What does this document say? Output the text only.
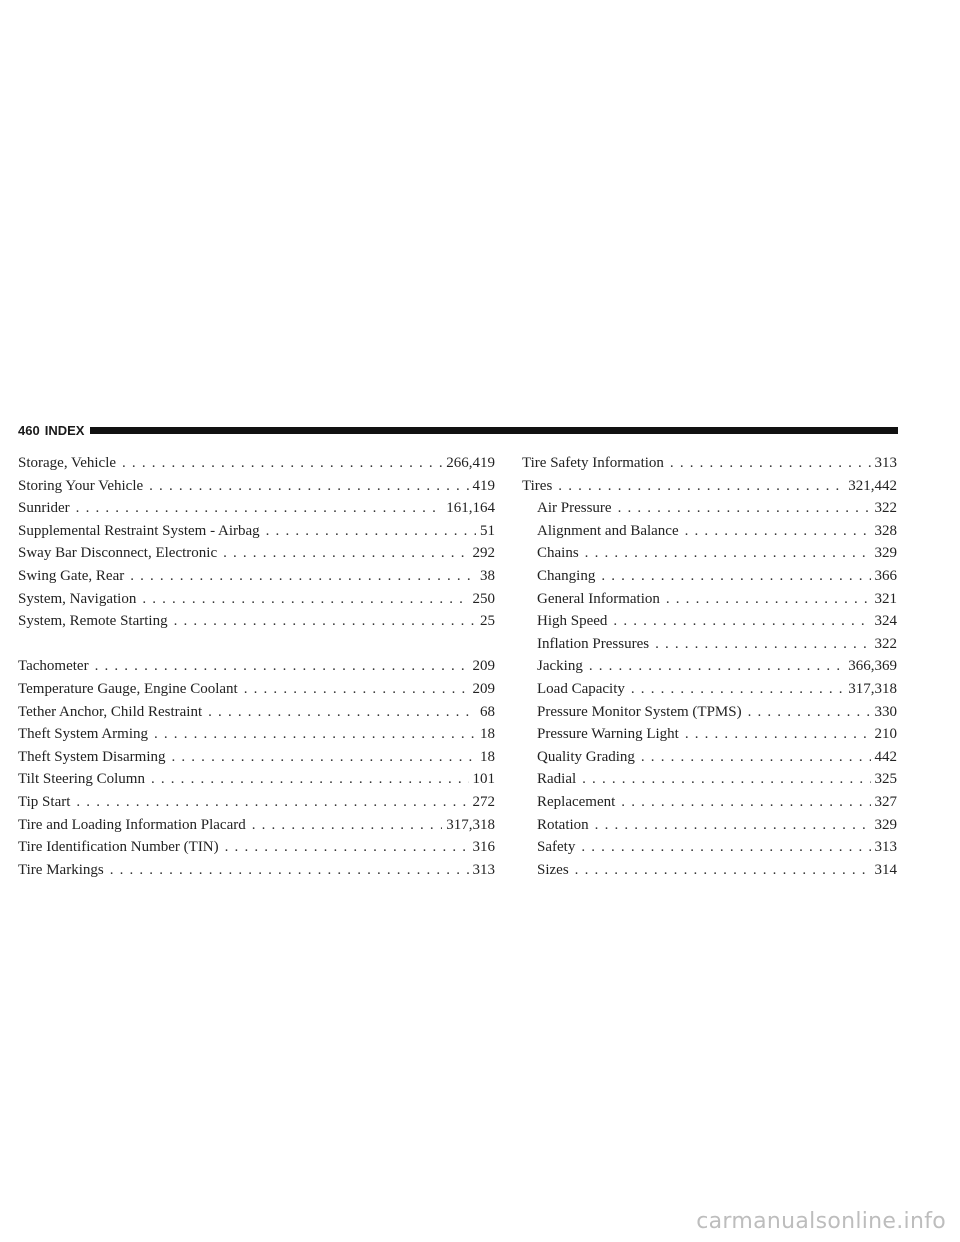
460 INDEX
Storage, Vehicle . . .	266,419
Storing Your Vehicle . . .	419
Sunrider . . .	161,164
Supplemental Restraint System - Airbag . . .	51
Sway Bar Disconnect, Electronic . . .	292
Swing Gate, Rear . . .	38
System, Navigation . . .	250
System, Remote Starting . . .	25
Tachometer . . .	209
Temperature Gauge, Engine Coolant . . .	209
Tether Anchor, Child Restraint . . .	68
Theft System Arming . . .	18
Theft System Disarming . . .	18
Tilt Steering Column . . .	101
Tip Start . . .	272
Tire and Loading Information Placard . . .	317,318
Tire Identification Number (TIN) . . .	316
Tire Markings . . .	313
Tire Safety Information . . .	313
Tires . . .	321,442
Air Pressure . . .	322
Alignment and Balance . . .	328
Chains . . .	329
Changing . . .	366
General Information . . .	321
High Speed . . .	324
Inflation Pressures . . .	322
Jacking . . .	366,369
Load Capacity . . .	317,318
Pressure Monitor System (TPMS) . . .	330
Pressure Warning Light . . .	210
Quality Grading . . .	442
Radial . . .	325
Replacement . . .	327
Rotation . . .	329
Safety . . .	313
Sizes . . .	314
carmanualsonline.info
